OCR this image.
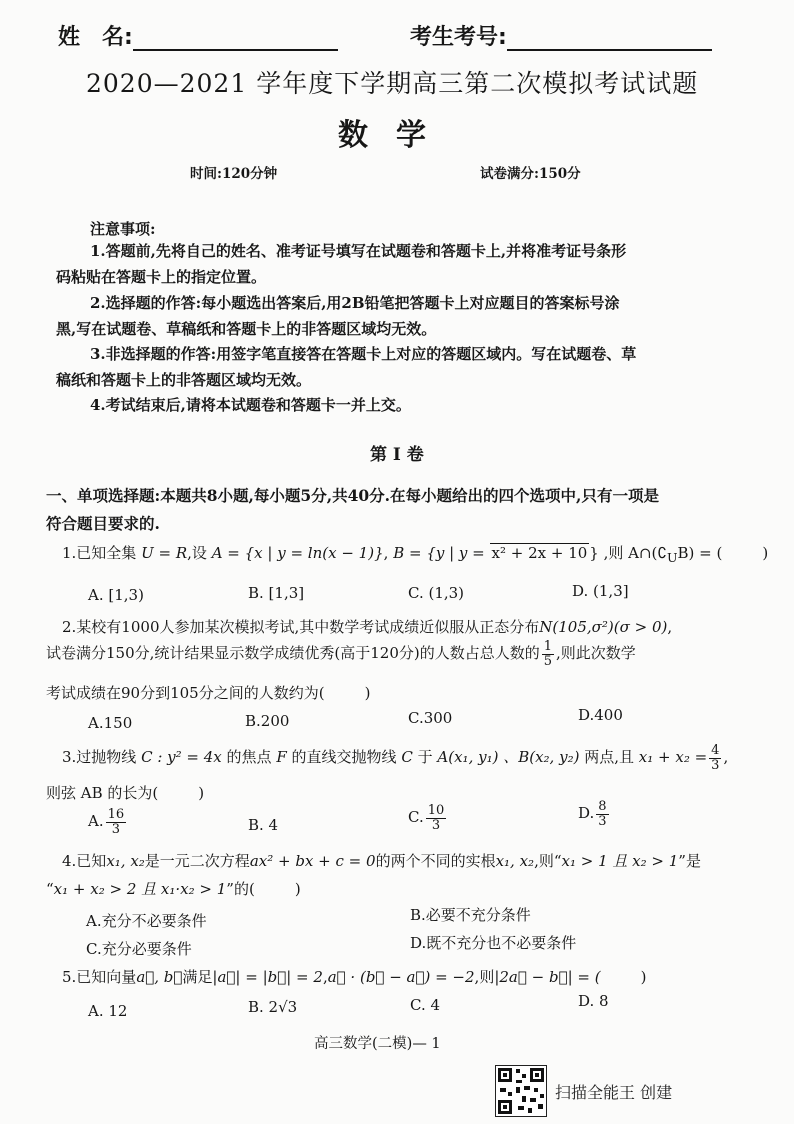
姓　名:	考生考号:
2020—2021 学年度下学期高三第二次模拟考试试题
数学
时间:120分钟	试卷满分:150分
注意事项:
1.答题前,先将自己的姓名、准考证号填写在试题卷和答题卡上,并将准考证号条形
码粘贴在答题卡上的指定位置。
2.选择题的作答:每小题选出答案后,用2B铅笔把答题卡上对应题目的答案标号涂
黑,写在试题卷、草稿纸和答题卡上的非答题区域均无效。
3.非选择题的作答:用签字笔直接答在答题卡上对应的答题区域内。写在试题卷、草
稿纸和答题卡上的非答题区域均无效。
4.考试结束后,请将本试题卷和答题卡一并上交。
第 I 卷
一、单项选择题:本题共8小题,每小题5分,共40分.在每小题给出的四个选项中,只有一项是
符合题目要求的.
1.已知全集 U = R,设 A = {x | y = ln(x − 1)}, B = {y | y = x² + 2x + 10 } ,则 $A\cap(∁_UB)$ = (	)
A. [1,3)	B. [1,3]	C. (1,3)	D. (1,3]
2.某校有1000人参加某次模拟考试,其中数学考试成绩近似服从正态分布N(105,σ²)(σ > 0),
试卷满分150分,统计结果显示数学成绩优秀(高于120分)的人数占总人数的 $\frac{1}{5}$ ,则此次数学
考试成绩在90分到105分之间的人数约为(	)
A.150	B.200	C.300	D.400
3.过抛物线 C : y² = 4x 的焦点 F 的直线交抛物线 C 于 A(x₁, y₁) 、B(x₂, y₂) 两点,且 $x_1 + x_2 = \frac{4}{3}$ ,
则弦 AB 的长为(	)
A. $\frac{16}{3}$	B. 4	C. $\frac{10}{3}$	D. $\frac{8}{3}$
4.已知x₁, x₂是一元二次方程ax² + bx + c = 0的两个不同的实根x₁, x₂,则“x₁ > 1 且 x₂ > 1”是
“x₁ + x₂ > 2 且 x₁·x₂ > 1”的(	)
A.充分不必要条件	B.必要不充分条件
C.充分必要条件	D.既不充分也不必要条件
5.已知向量a⃗, b⃗满足|a⃗| = |b⃗| = 2,a⃗ · (b⃗ − a⃗) = −2,则|2a⃗ − b⃗| = (	)
A. 12	B. 2√3	C. 4	D. 8
高三数学(二模)— 1
扫描全能王 创建
